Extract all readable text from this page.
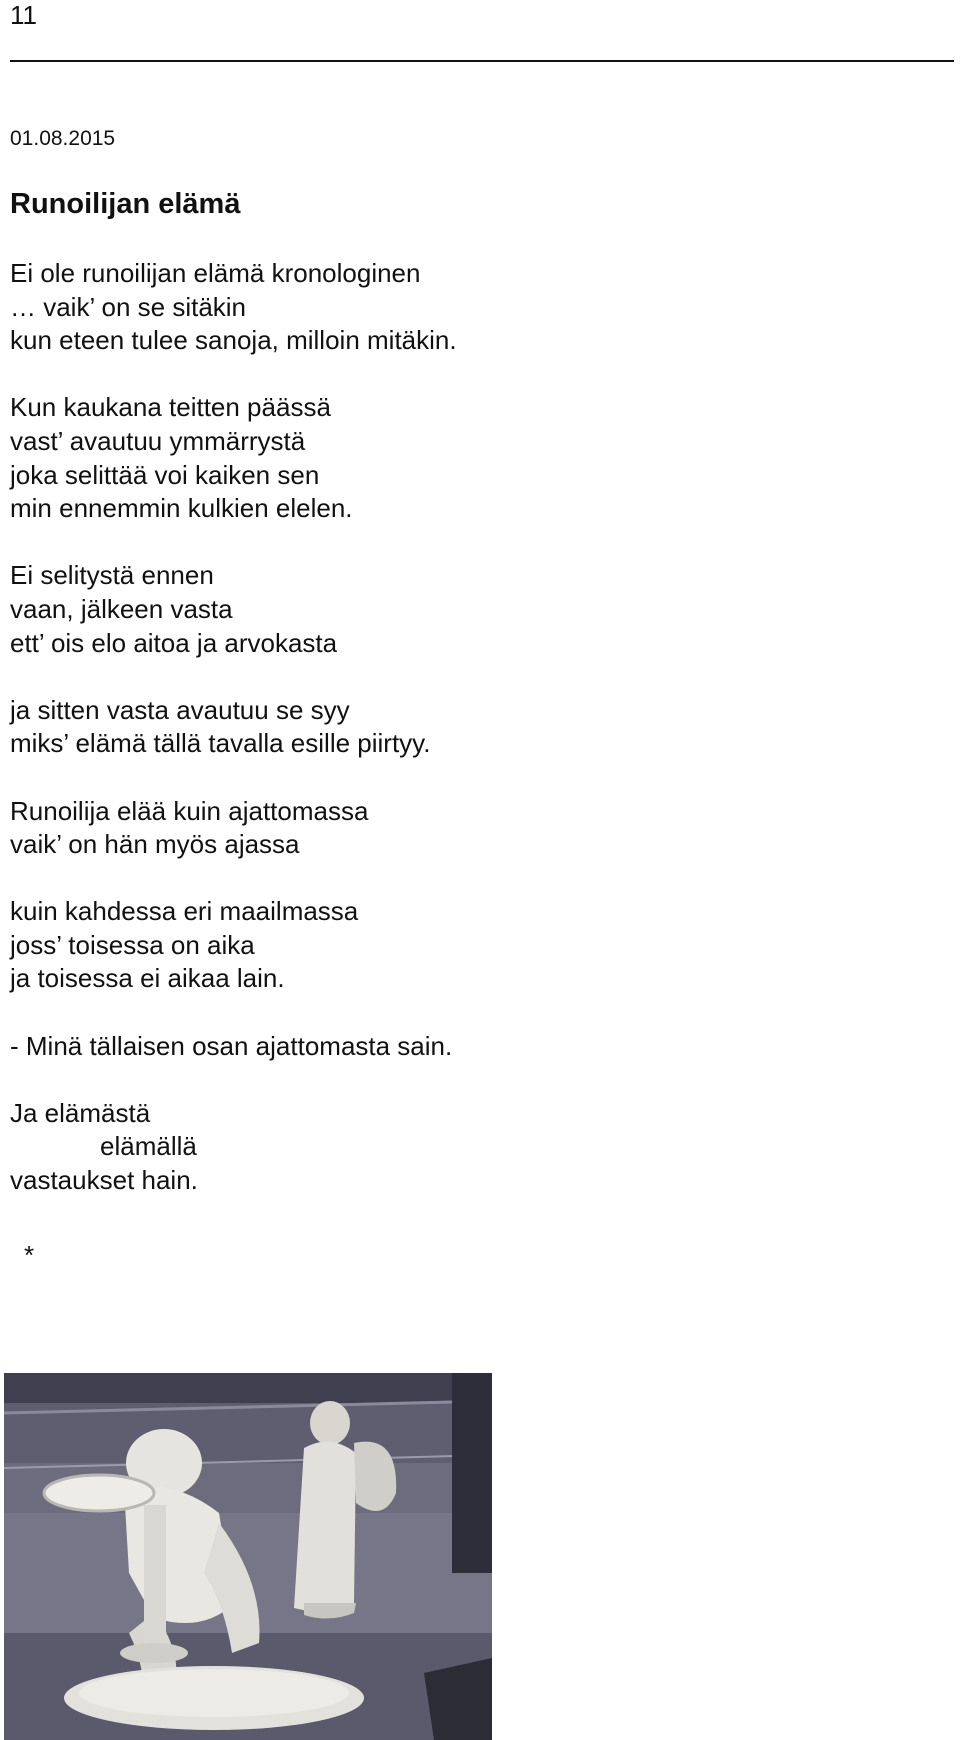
11
01.08.2015
Runoilijan elämä
Ei ole runoilijan elämä kronologinen
… vaik’ on se sitäkin
kun eteen tulee sanoja, milloin mitäkin.
Kun kaukana teitten päässä
vast’ avautuu ymmärrystä
joka selittää voi kaiken sen
min ennemmin kulkien elelen.
Ei selitystä ennen
vaan, jälkeen vasta
ett’ ois elo aitoa ja arvokasta
ja sitten vasta avautuu se syy
miks’ elämä tällä tavalla esille piirtyy.
Runoilija elää kuin ajattomassa
vaik’ on hän myös ajassa
kuin kahdessa eri maailmassa
joss’ toisessa on aika
ja toisessa ei aikaa lain.
- Minä tällaisen osan ajattomasta sain.
Ja elämästä
elämällä
vastaukset hain.
*
